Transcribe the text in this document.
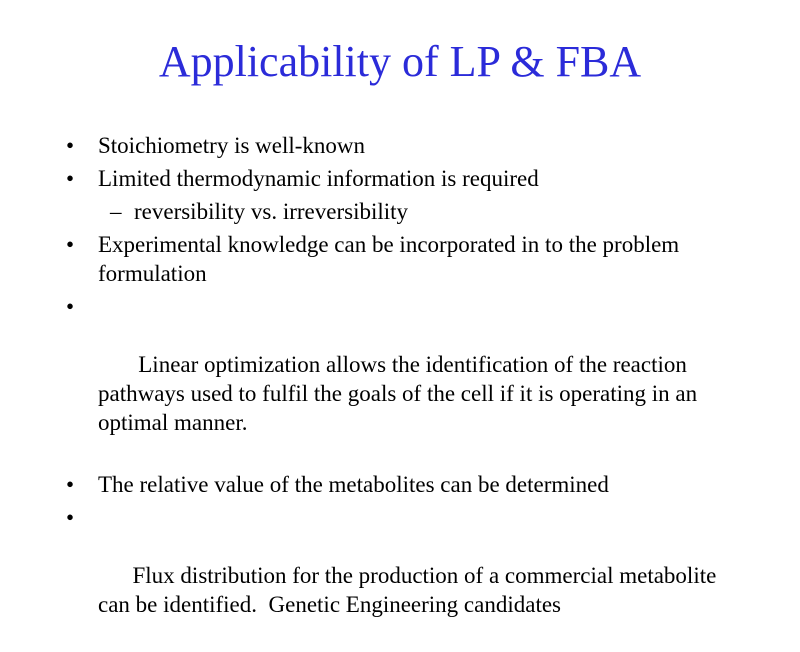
Applicability of LP & FBA
• Stoichiometry is well-known
• Limited thermodynamic information is required
– reversibility vs. irreversibility
• Experimental knowledge can be incorporated in to the problem formulation

•

Linear optimization allows the identification of the reaction pathways used to fulfil the goals of the cell if it is operating in an optimal manner.

• The relative value of the metabolites can be determined

•

Flux distribution for the production of a commercial metabolite can be identified.  Genetic Engineering candidates
